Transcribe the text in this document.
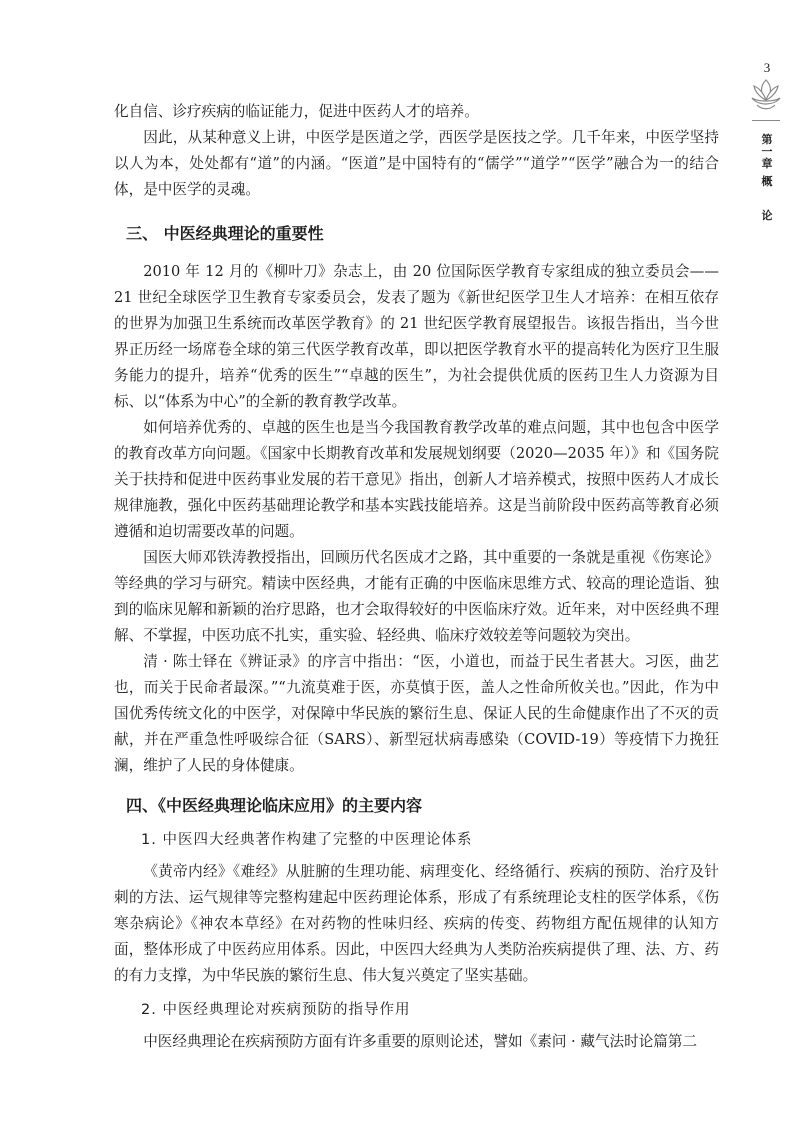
3
第
一
章
概
论

化自信、诊疗疾病的临证能力，促进中医药人才的培养。

因此，从某种意义上讲，中医学是医道之学，西医学是医技之学。几千年来，中医学坚持以人为本，处处都有“道”的内涵。“医道”是中国特有的“儒学”“道学”“医学”融合为一的结合体，是中医学的灵魂。

三、 中医经典理论的重要性

2010 年 12 月的《柳叶刀》杂志上，由 20 位国际医学教育专家组成的独立委员会——21 世纪全球医学卫生教育专家委员会，发表了题为《新世纪医学卫生人才培养：在相互依存的世界为加强卫生系统而改革医学教育》的 21 世纪医学教育展望报告。该报告指出，当今世界正历经一场席卷全球的第三代医学教育改革，即以把医学教育水平的提高转化为医疗卫生服务能力的提升，培养“优秀的医生”“卓越的医生”，为社会提供优质的医药卫生人力资源为目标、以“体系为中心”的全新的教育教学改革。

如何培养优秀的、卓越的医生也是当今我国教育教学改革的难点问题，其中也包含中医学的教育改革方向问题。《国家中长期教育改革和发展规划纲要（2020—2035 年）》和《国务院关于扶持和促进中医药事业发展的若干意见》指出，创新人才培养模式，按照中医药人才成长规律施教，强化中医药基础理论教学和基本实践技能培养。这是当前阶段中医药高等教育必须遵循和迫切需要改革的问题。

国医大师邓铁涛教授指出，回顾历代名医成才之路，其中重要的一条就是重视《伤寒论》等经典的学习与研究。精读中医经典，才能有正确的中医临床思维方式、较高的理论造诣、独到的临床见解和新颖的治疗思路，也才会取得较好的中医临床疗效。近年来，对中医经典不理解、不掌握，中医功底不扎实，重实验、轻经典、临床疗效较差等问题较为突出。

清 · 陈士铎在《辨证录》的序言中指出：“医，小道也，而益于民生者甚大。习医，曲艺也，而关于民命者最深。”“九流莫难于医，亦莫慎于医，盖人之性命所攸关也。”因此，作为中国优秀传统文化的中医学，对保障中华民族的繁衍生息、保证人民的生命健康作出了不灭的贡献，并在严重急性呼吸综合征（SARS）、新型冠状病毒感染（COVID-19）等疫情下力挽狂澜，维护了人民的身体健康。

四、《中医经典理论临床应用》的主要内容
1. 中医四大经典著作构建了完整的中医理论体系

《黄帝内经》《难经》从脏腑的生理功能、病理变化、经络循行、疾病的预防、治疗及针刺的方法、运气规律等完整构建起中医药理论体系，形成了有系统理论支柱的医学体系，《伤寒杂病论》《神农本草经》在对药物的性味归经、疾病的传变、药物组方配伍规律的认知方面，整体形成了中医药应用体系。因此，中医四大经典为人类防治疾病提供了理、法、方、药的有力支撑，为中华民族的繁衍生息、伟大复兴奠定了坚实基础。

2. 中医经典理论对疾病预防的指导作用

中医经典理论在疾病预防方面有许多重要的原则论述，譬如《素问 · 藏气法时论篇第二
